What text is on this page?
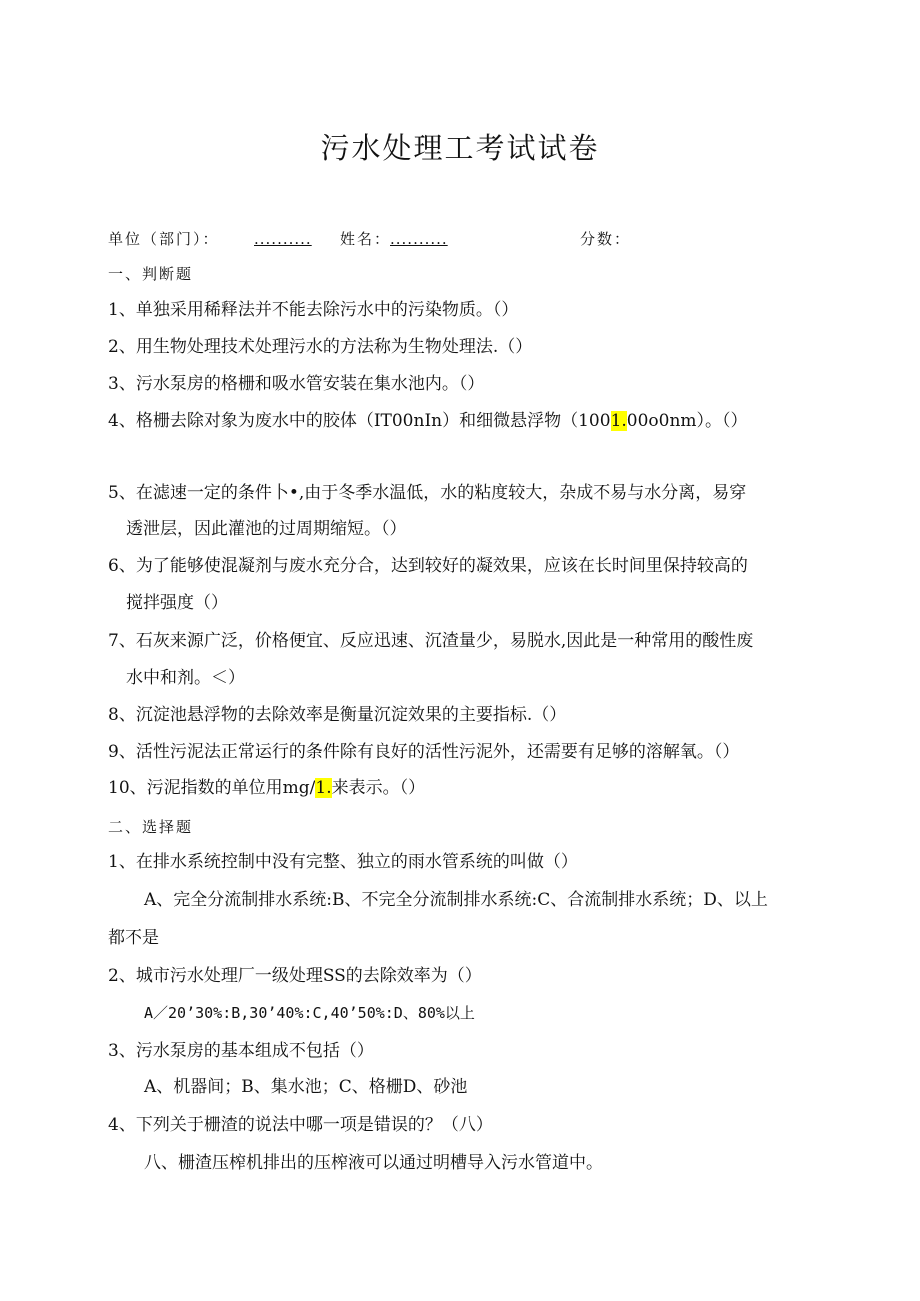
污水处理工考试试卷
单位（部门）： .......... 姓名：
..........	分数：
一、判断题
1、单独采用稀释法并不能去除污水中的污染物质。（）
2、用生物处理技术处理污水的方法称为生物处理法.（）
3、污水泵房的格栅和吸水管安装在集水池内。（）
4、格栅去除对象为废水中的胶体（IT00nIn）和细微悬浮物（1001.00o0nm）。（）
5、在滤速一定的条件卜•,由于冬季水温低，水的粘度较大，杂成不易与水分离，易穿
透泄层，因此灌池的过周期缩短。（）
6、为了能够使混凝剂与废水充分合，达到较好的凝效果，应该在长时间里保持较高的
搅拌强度（）
7、石灰来源广泛，价格便宜、反应迅速、沉渣量少，易脱水,因此是一种常用的酸性废
水中和剂。＜）
8、沉淀池悬浮物的去除效率是衡量沉淀效果的主要指标.（）
9、活性污泥法正常运行的条件除有良好的活性污泥外，还需要有足够的溶解氧。（）
10、污泥指数的单位用mg/1.来表示。（）
二、选择题
1、在排水系统控制中没有完整、独立的雨水管系统的叫做（）
A、完全分流制排水系统:B、不完全分流制排水系统:C、合流制排水系统；D、以上
都不是
2、城市污水处理厂一级处理SS的去除效率为（）
A／20’30%:B,30’40%:C,40’50%:D、80%以上
3、污水泵房的基本组成不包括（）
A、机器间；B、集水池；C、格栅D、砂池
4、下列关于栅渣的说法中哪一项是错误的？（八）
八、栅渣压榨机排出的压榨液可以通过明槽导入污水管道中。
